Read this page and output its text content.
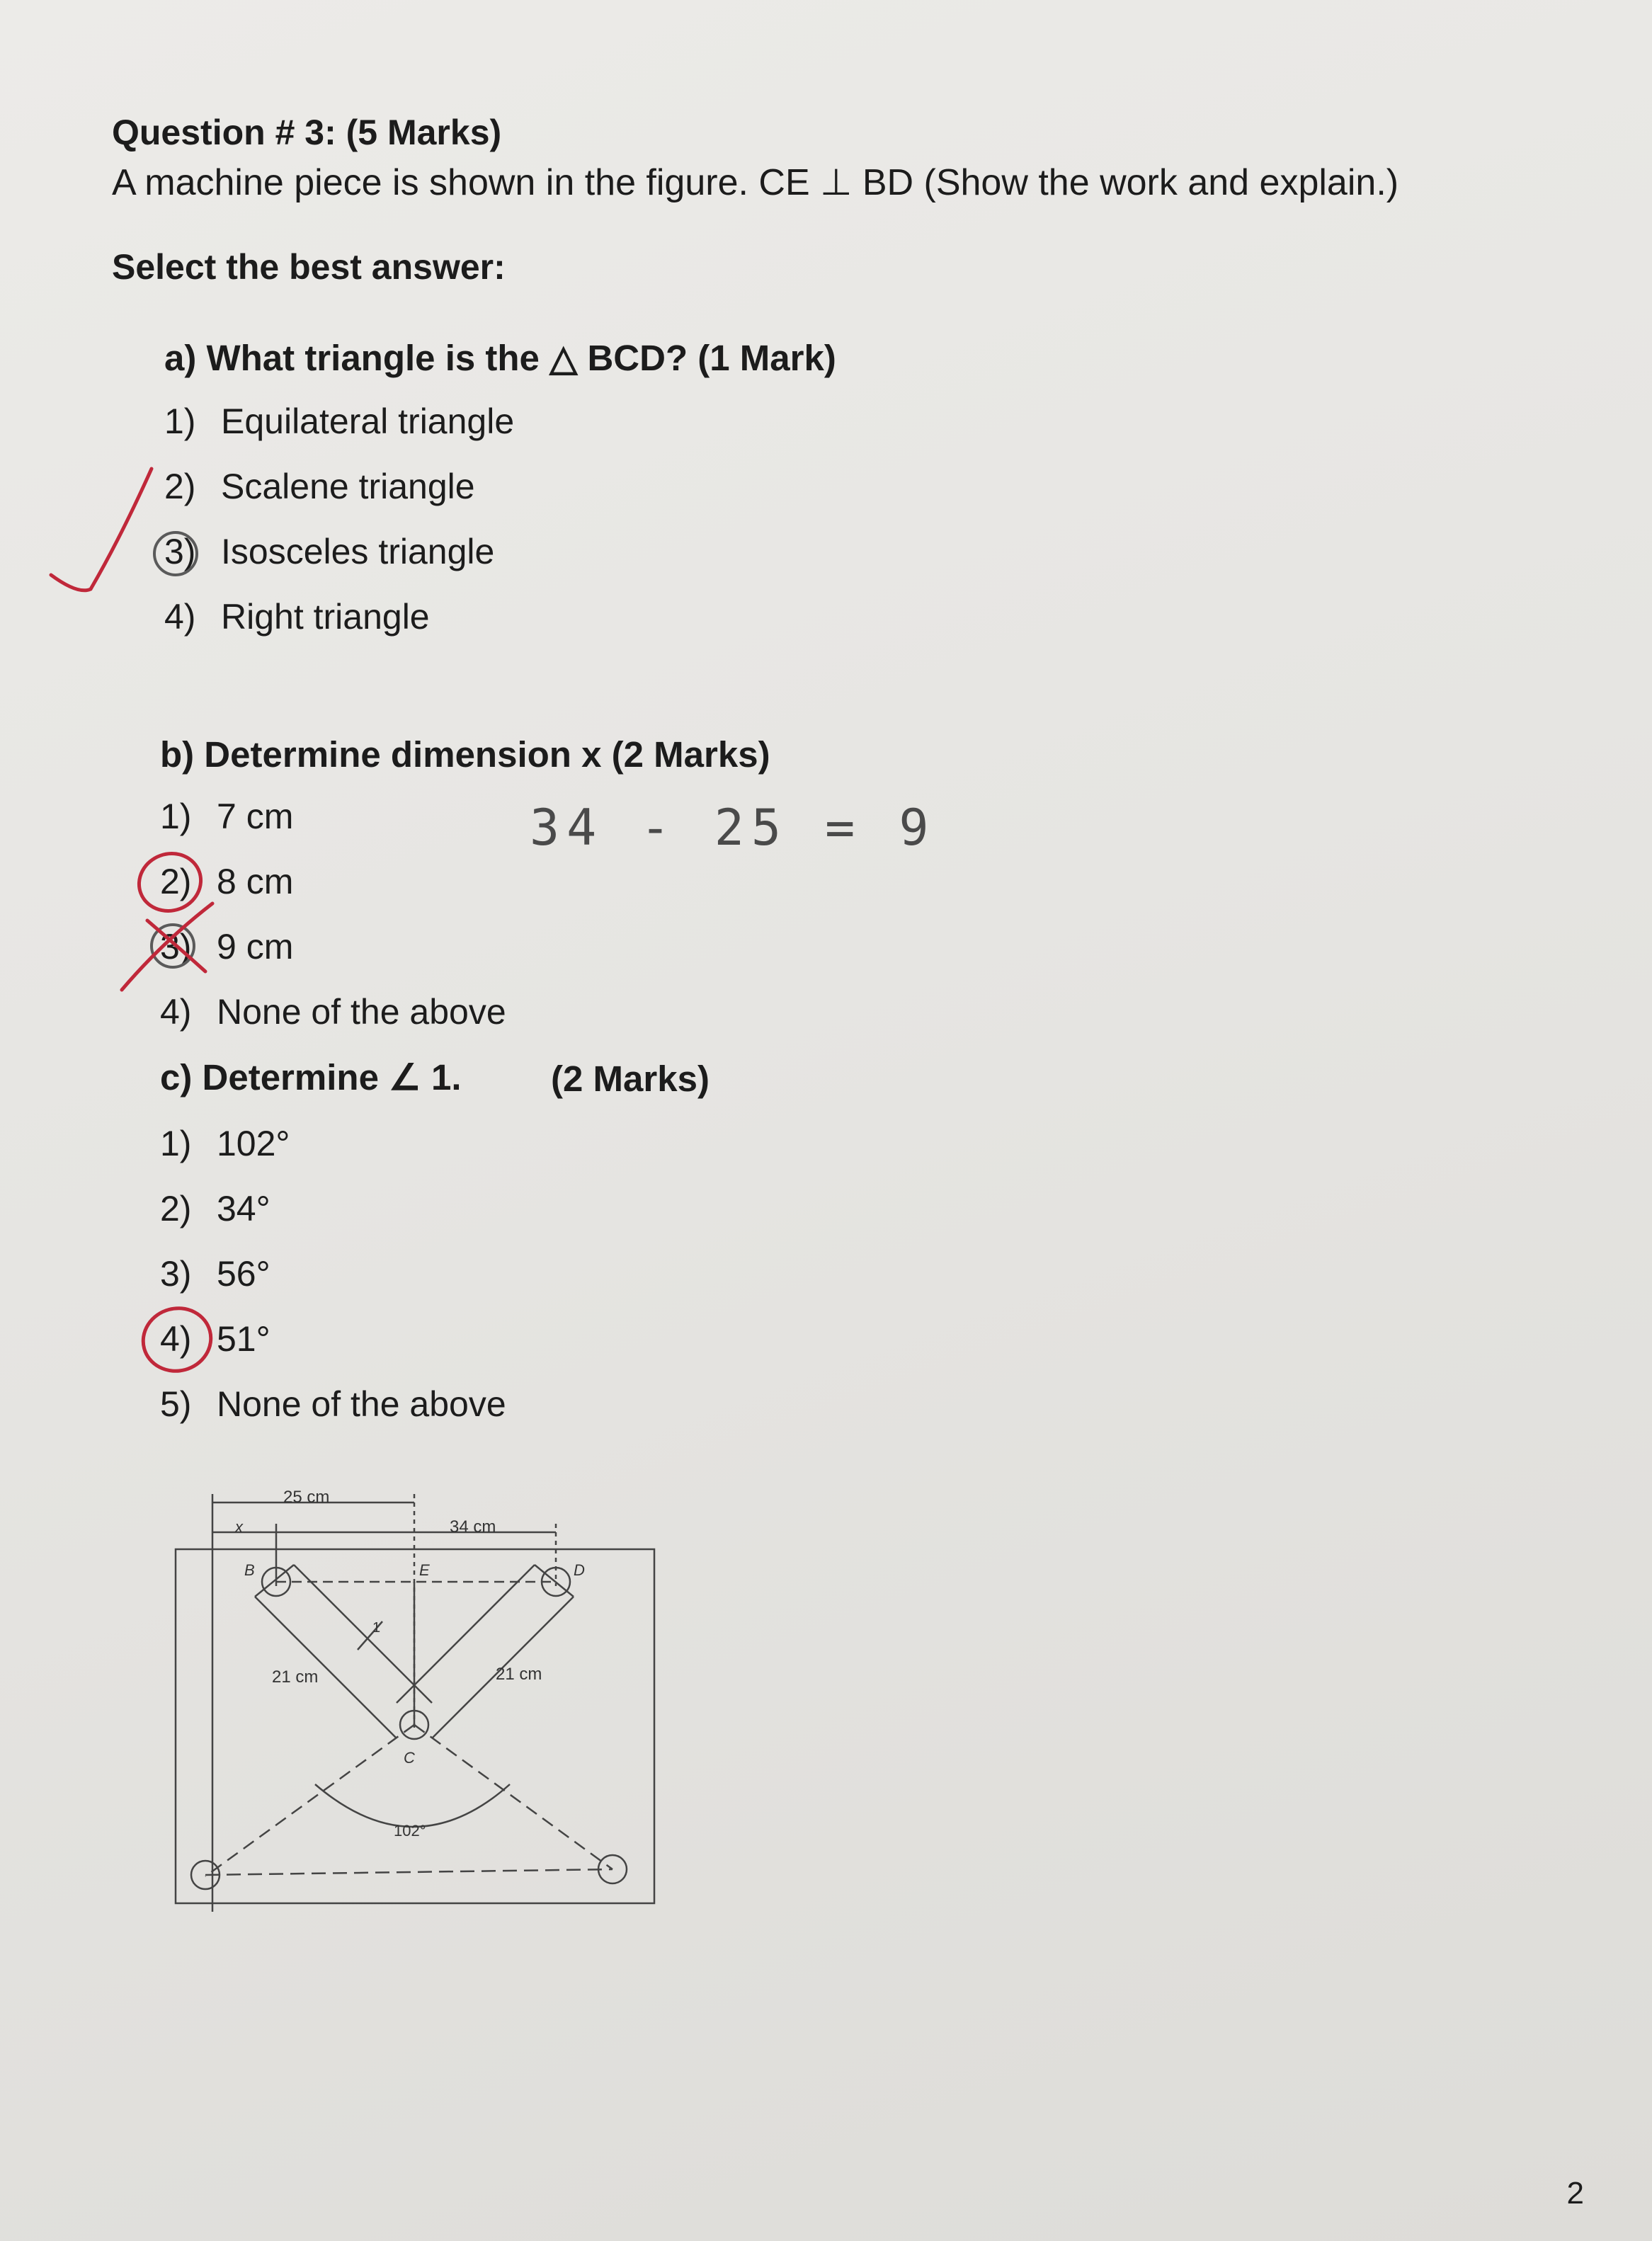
Question # 3: (5 Marks)
A machine piece is shown in the figure. CE ⊥ BD (Show the work and explain.)
Select the best answer:
a) What triangle is the △ BCD? (1 Mark)
1) Equilateral triangle
2) Scalene triangle
3) Isosceles triangle
4) Right triangle
b) Determine dimension x (2 Marks)
1) 7 cm
2) 8 cm
3) 9 cm
4) None of the above
34 - 25 = 9
c) Determine ∠ 1. (2 Marks)
1) 102°
2) 34°
3) 56°
4) 51°
5) None of the above
25 cm
34 cm
x
B	E	D
C
1
21 cm	21 cm
102°
2
